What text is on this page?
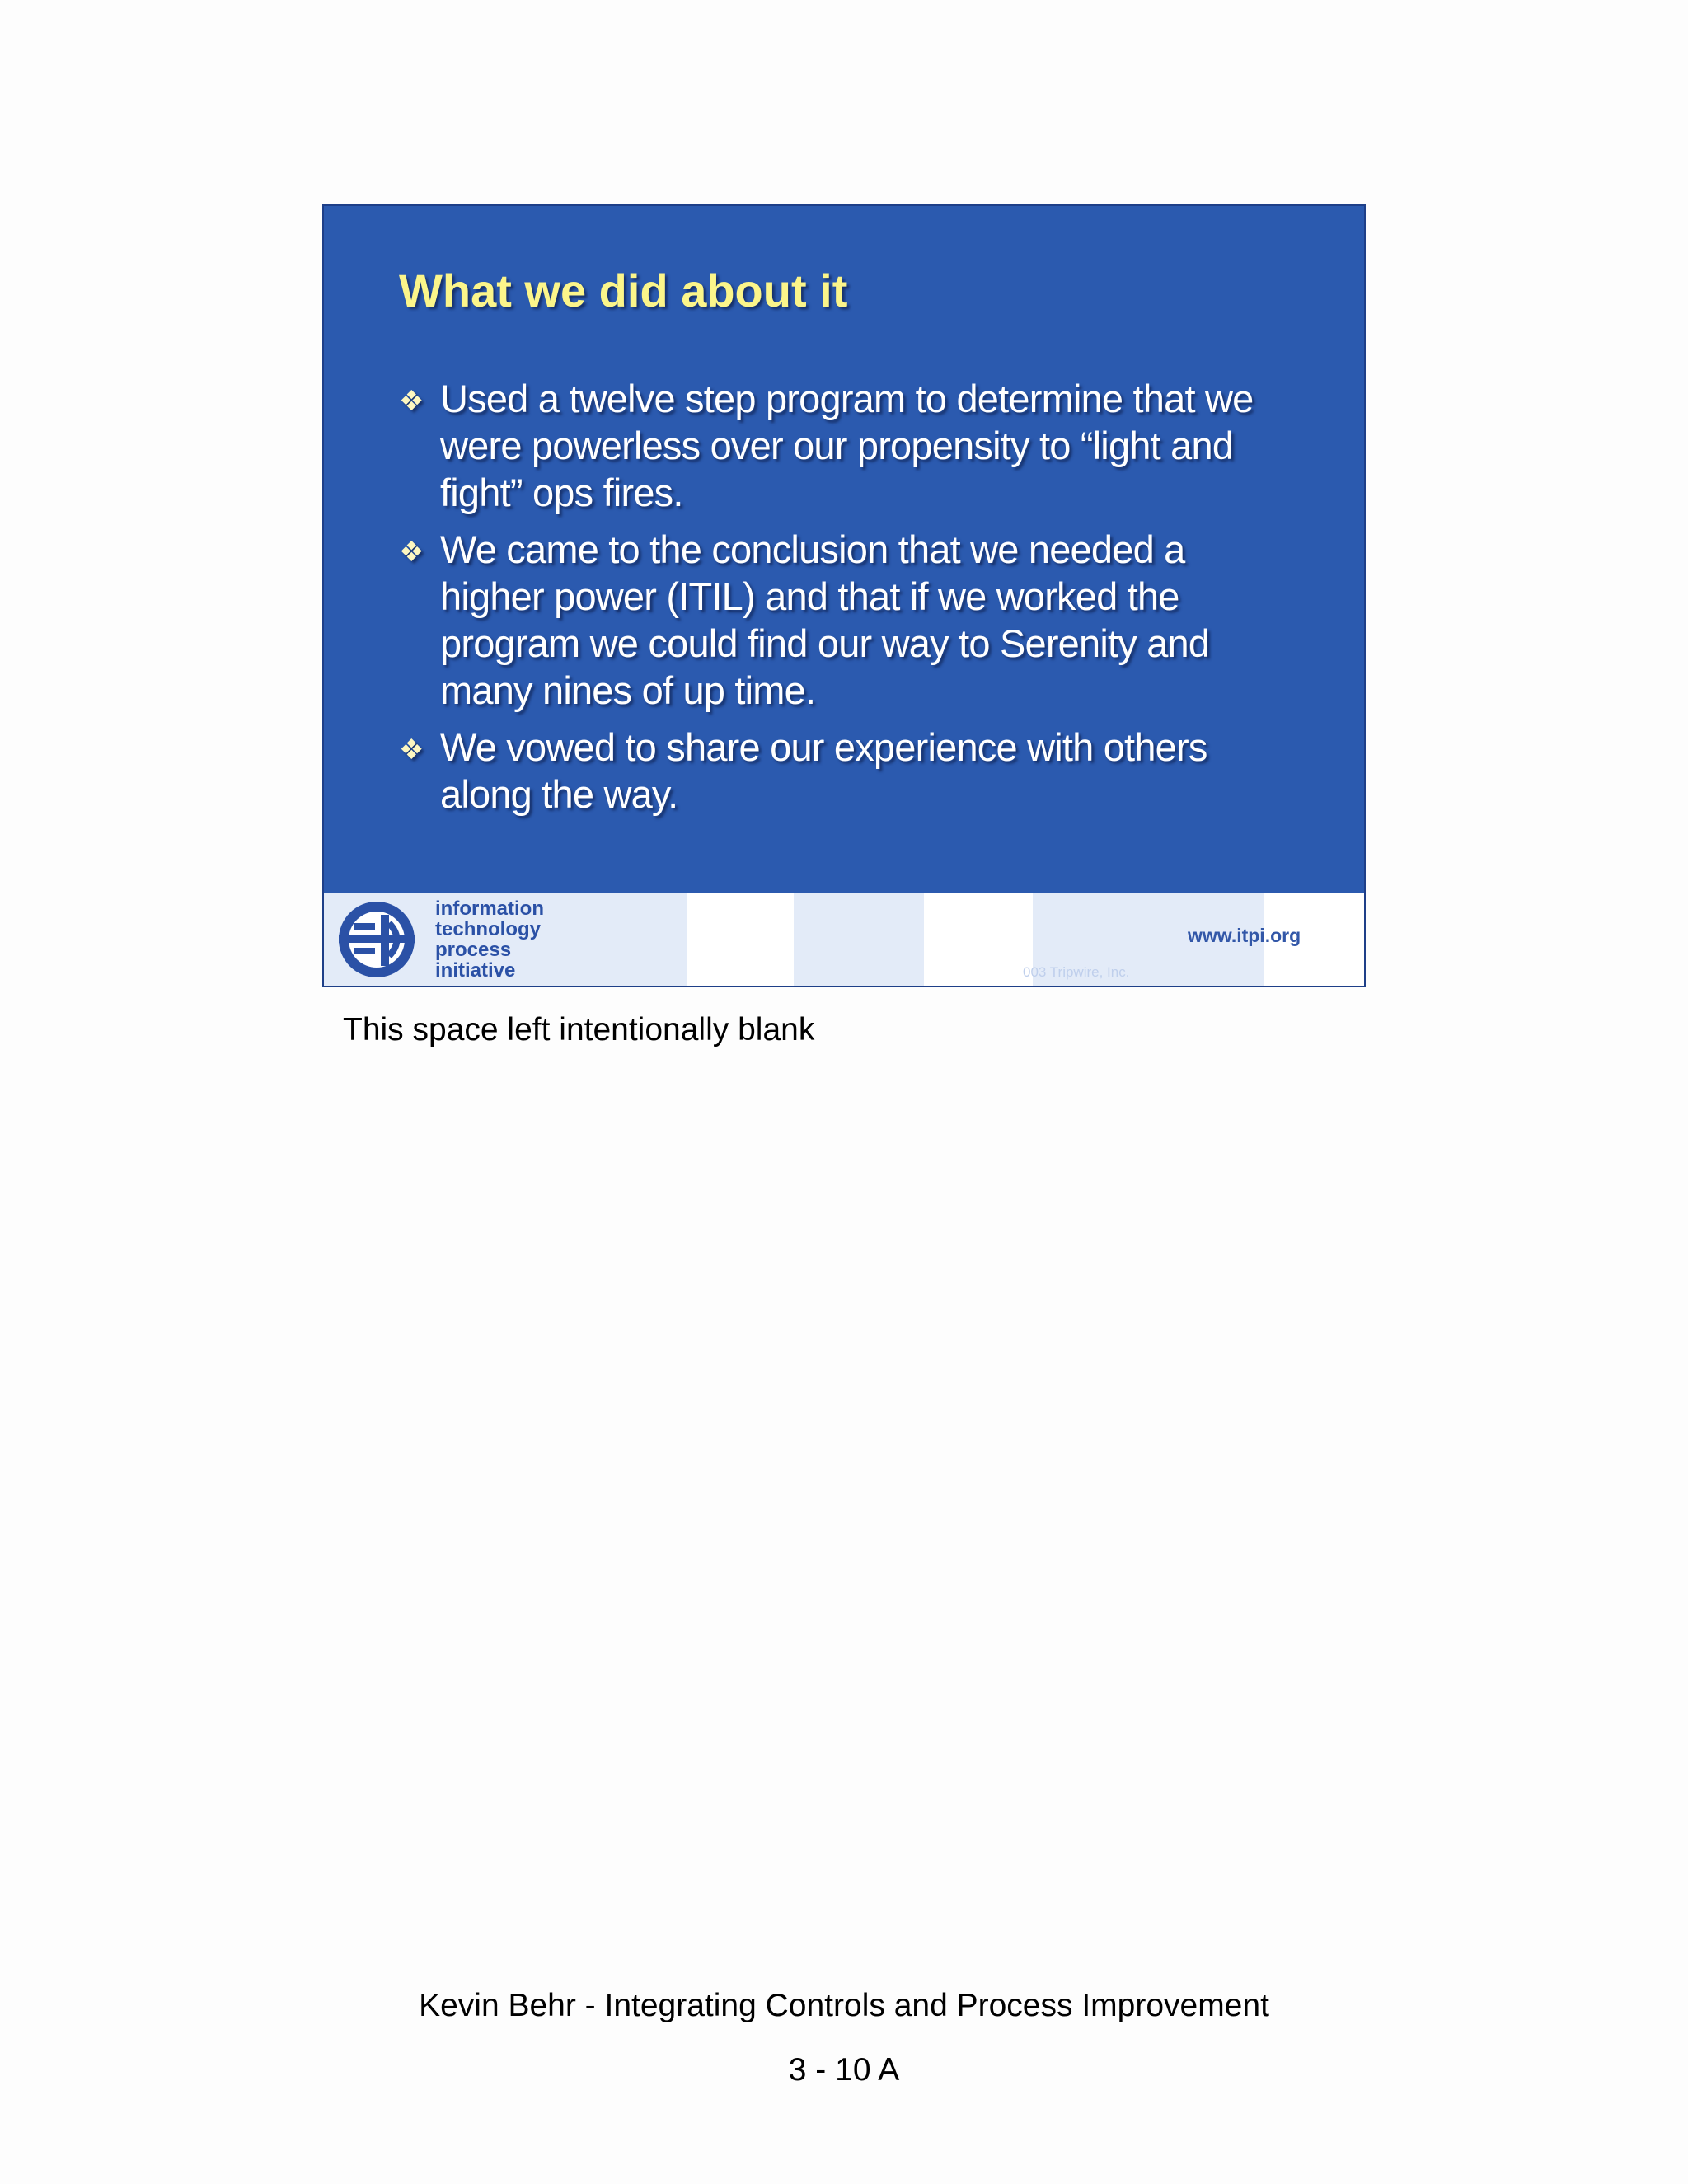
What we did about it
❖ Used a twelve step program to determine that we were powerless over our propensity to “light and fight” ops fires.
❖ We came to the conclusion that we needed a higher power (ITIL) and that if we worked the program we could find our way to Serenity and many nines of up time.
❖ We vowed to share our experience with others along the way.
information
technology
process
initiative
www.itpi.org
003 Tripwire, Inc.
This space left intentionally blank
Kevin Behr - Integrating Controls and Process Improvement
3 - 10 A
